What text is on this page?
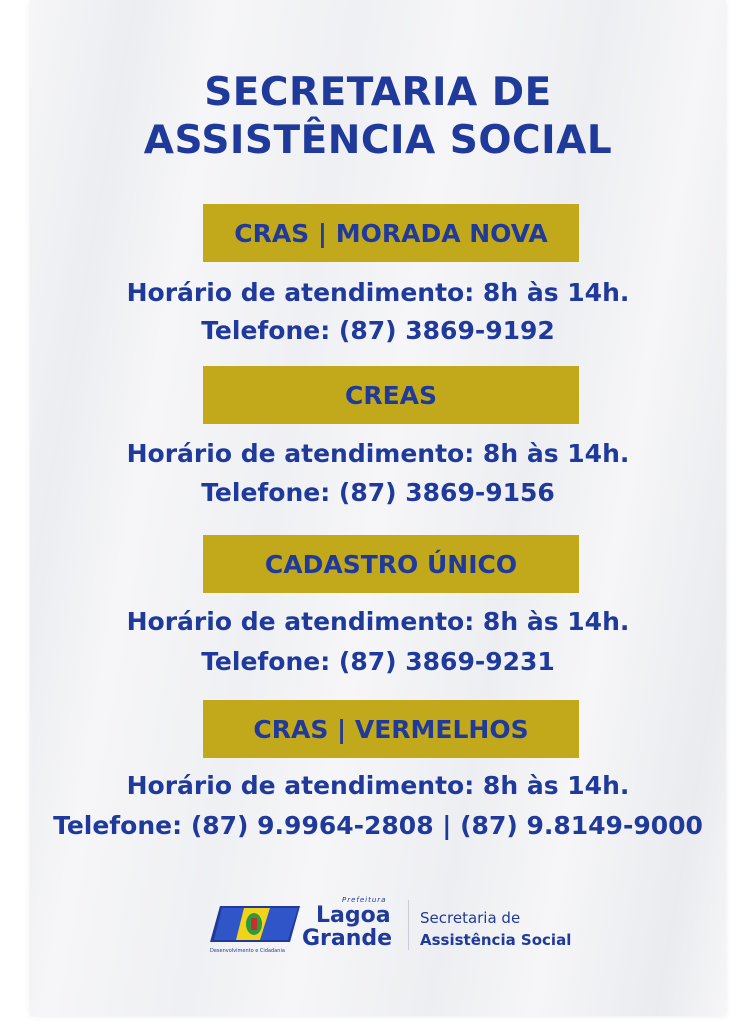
SECRETARIA DE
ASSISTÊNCIA SOCIAL
CRAS | MORADA NOVA
Horário de atendimento: 8h às 14h.
Telefone: (87) 3869-9192
CREAS
Horário de atendimento: 8h às 14h.
Telefone: (87) 3869-9156
CADASTRO ÚNICO
Horário de atendimento: 8h às 14h.
Telefone: (87) 3869-9231
CRAS | VERMELHOS
Horário de atendimento: 8h às 14h.
Telefone: (87) 9.9964-2808 | (87) 9.8149-9000
Desenvolvimento e Cidadania
Prefeitura
Lagoa
Grande
Secretaria de
Assistência Social
